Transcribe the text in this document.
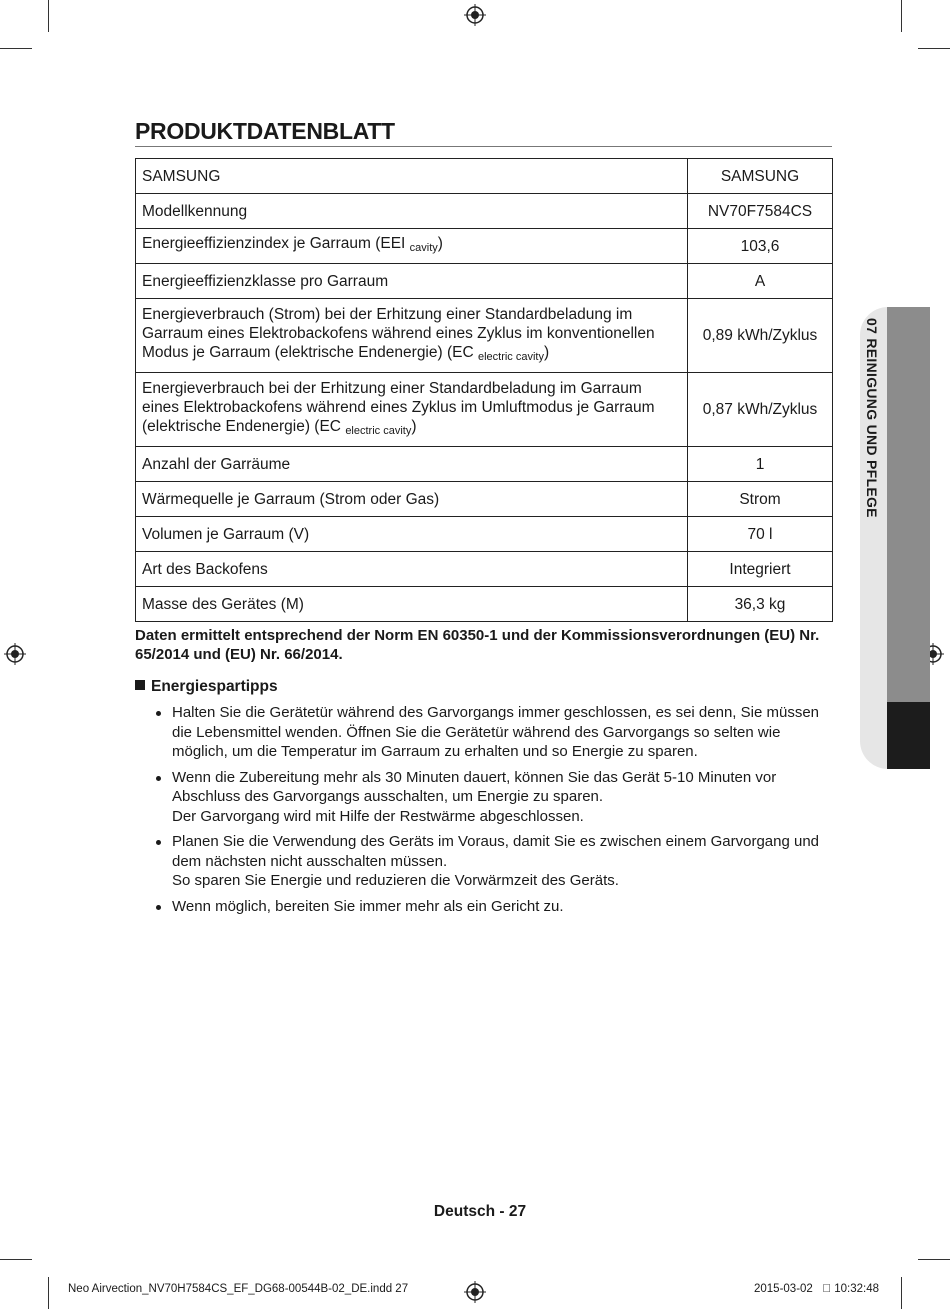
PRODUKTDATENBLATT
SAMSUNG	SAMSUNG
Modellkennung	NV70F7584CS
Energieeffizienzindex je Garraum (EEI $_{cavity}$)	103,6
Energieeffizienzklasse pro Garraum	A
Energieverbrauch (Strom) bei der Erhitzung einer Standardbeladung im Garraum eines Elektrobackofens während eines Zyklus im konventionellen Modus je Garraum (elektrische Endenergie) (EC $_{electric cavity}$)	0,89 kWh/Zyklus
Energieverbrauch bei der Erhitzung einer Standardbeladung im Garraum eines Elektrobackofens während eines Zyklus im Umluftmodus je Garraum (elektrische Endenergie) (EC $_{electric cavity}$)	0,87 kWh/Zyklus
Anzahl der Garräume	1
Wärmequelle je Garraum (Strom oder Gas)	Strom
Volumen je Garraum (V)	70 l
Art des Backofens	Integriert
Masse des Gerätes (M)	36,3 kg
Daten ermittelt entsprechend der Norm EN 60350-1 und der Kommissionsverordnungen (EU) Nr. 65/2014 und (EU) Nr. 66/2014.
Energiespartipps
Halten Sie die Gerätetür während des Garvorgangs immer geschlossen, es sei denn, Sie müssen die Lebensmittel wenden. Öffnen Sie die Gerätetür während des Garvorgangs so selten wie möglich, um die Temperatur im Garraum zu erhalten und so Energie zu sparen.
Wenn die Zubereitung mehr als 30 Minuten dauert, können Sie das Gerät 5-10 Minuten vor Abschluss des Garvorgangs ausschalten, um Energie zu sparen.
Der Garvorgang wird mit Hilfe der Restwärme abgeschlossen.
Planen Sie die Verwendung des Geräts im Voraus, damit Sie es zwischen einem Garvorgang und dem nächsten nicht ausschalten müssen.
So sparen Sie Energie und reduzieren die Vorwärmzeit des Geräts.
Wenn möglich, bereiten Sie immer mehr als ein Gericht zu.
07 REINIGUNG UND PFLEGE
Deutsch - 27
Neo Airvection_NV70H7584CS_EF_DG68-00544B-02_DE.indd 27	2015-03-02 󰀀 10:32:48
